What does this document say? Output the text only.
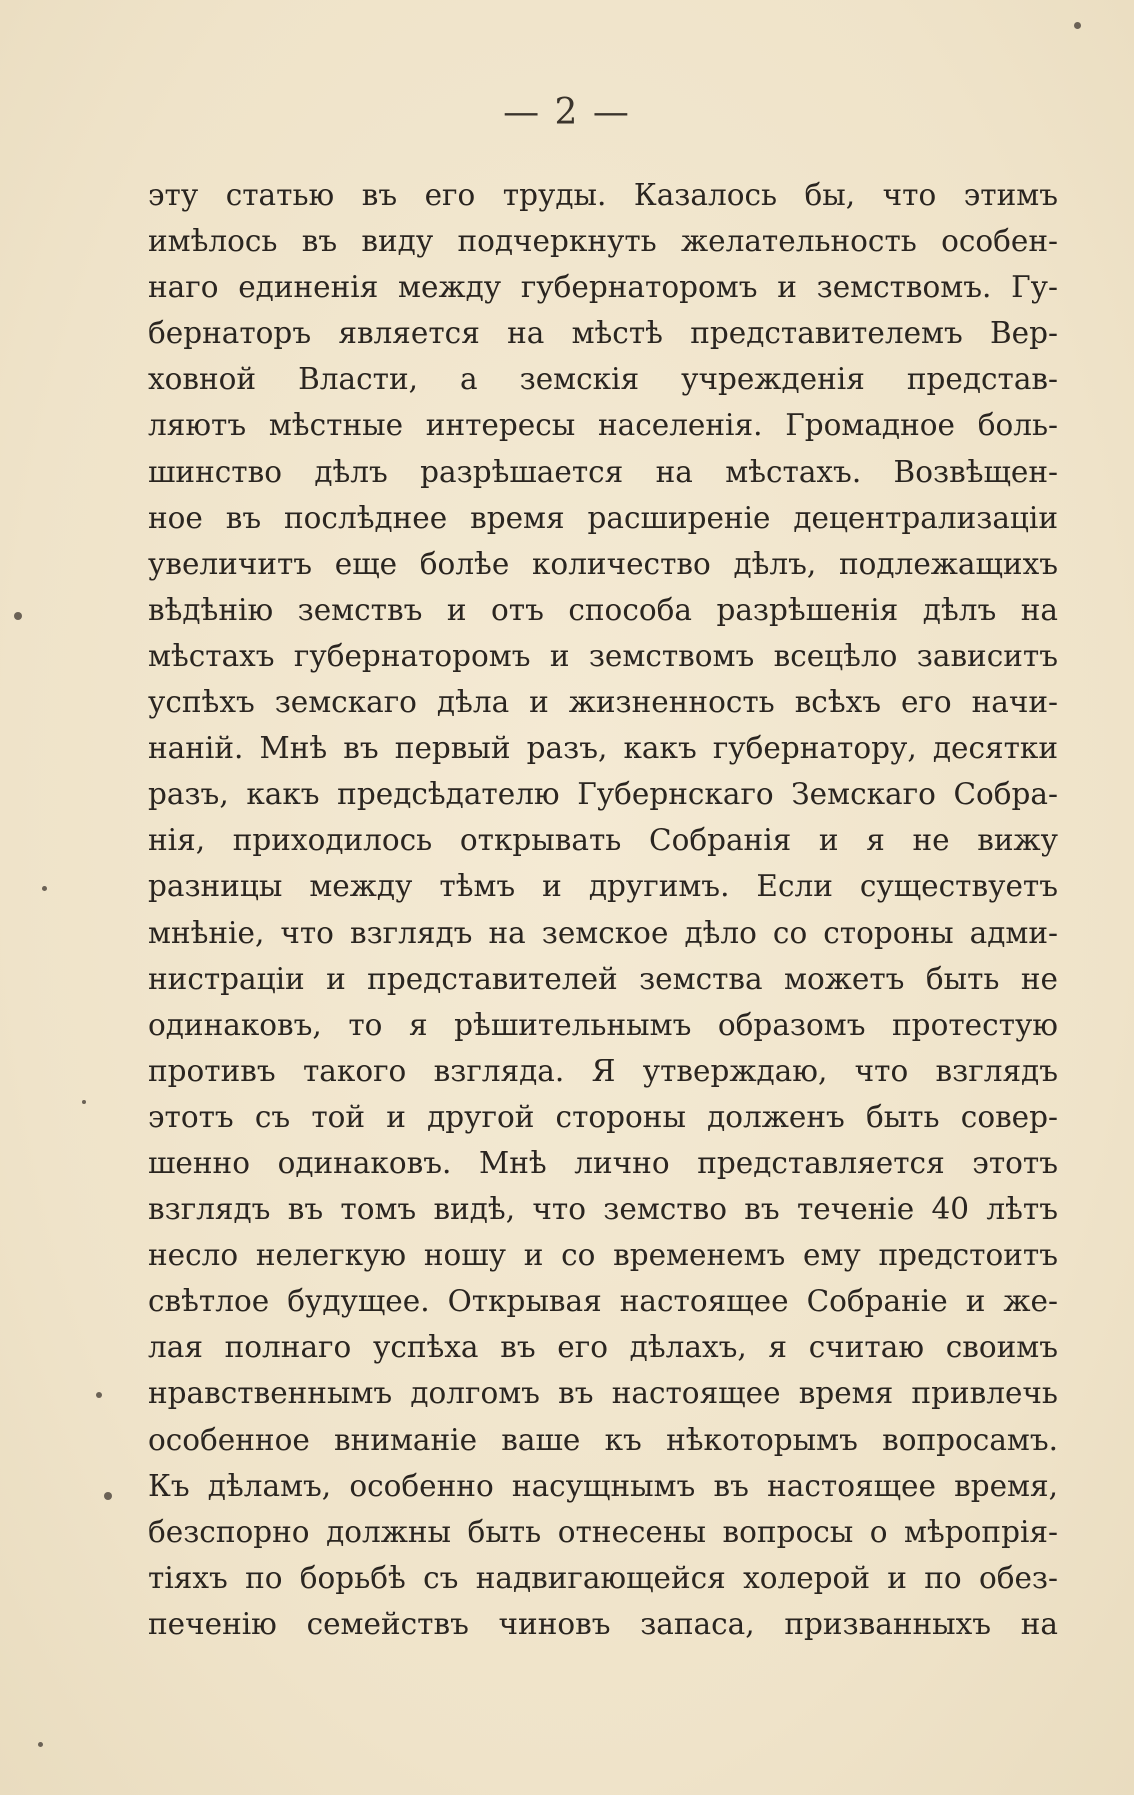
— 2 —
эту статью въ его труды. Казалось бы, что этимъ
имѣлось въ виду подчеркнуть желательность особен-
наго единенія между губернаторомъ и земствомъ. Гу-
бернаторъ является на мѣстѣ представителемъ Вер-
ховной Власти, а земскія учрежденія представ-
ляютъ мѣстные интересы населенія. Громадное боль-
шинство дѣлъ разрѣшается на мѣстахъ. Возвѣщен-
ное въ послѣднее время расширеніе децентрализаціи
увеличитъ еще болѣе количество дѣлъ, подлежащихъ
вѣдѣнію земствъ и отъ способа разрѣшенія дѣлъ на
мѣстахъ губернаторомъ и земствомъ всецѣло зависитъ
успѣхъ земскаго дѣла и жизненность всѣхъ его начи-
наній. Мнѣ въ первый разъ, какъ губернатору, десятки
разъ, какъ предсѣдателю Губернскаго Земскаго Собра-
нія, приходилось открывать Собранія и я не вижу
разницы между тѣмъ и другимъ. Если существуетъ
мнѣніе, что взглядъ на земское дѣло со стороны адми-
нистраціи и представителей земства можетъ быть не
одинаковъ, то я рѣшительнымъ образомъ протестую
противъ такого взгляда. Я утверждаю, что взглядъ
этотъ съ той и другой стороны долженъ быть совер-
шенно одинаковъ. Мнѣ лично представляется этотъ
взглядъ въ томъ видѣ, что земство въ теченіе 40 лѣтъ
несло нелегкую ношу и со временемъ ему предстоитъ
свѣтлое будущее. Открывая настоящее Собраніе и же-
лая полнаго успѣха въ его дѣлахъ, я считаю своимъ
нравственнымъ долгомъ въ настоящее время привлечь
особенное вниманіе ваше къ нѣкоторымъ вопросамъ.
Къ дѣламъ, особенно насущнымъ въ настоящее время,
безспорно должны быть отнесены вопросы о мѣропрія-
тіяхъ по борьбѣ съ надвигающейся холерой и по обез-
печенію семействъ чиновъ запаса, призванныхъ на
